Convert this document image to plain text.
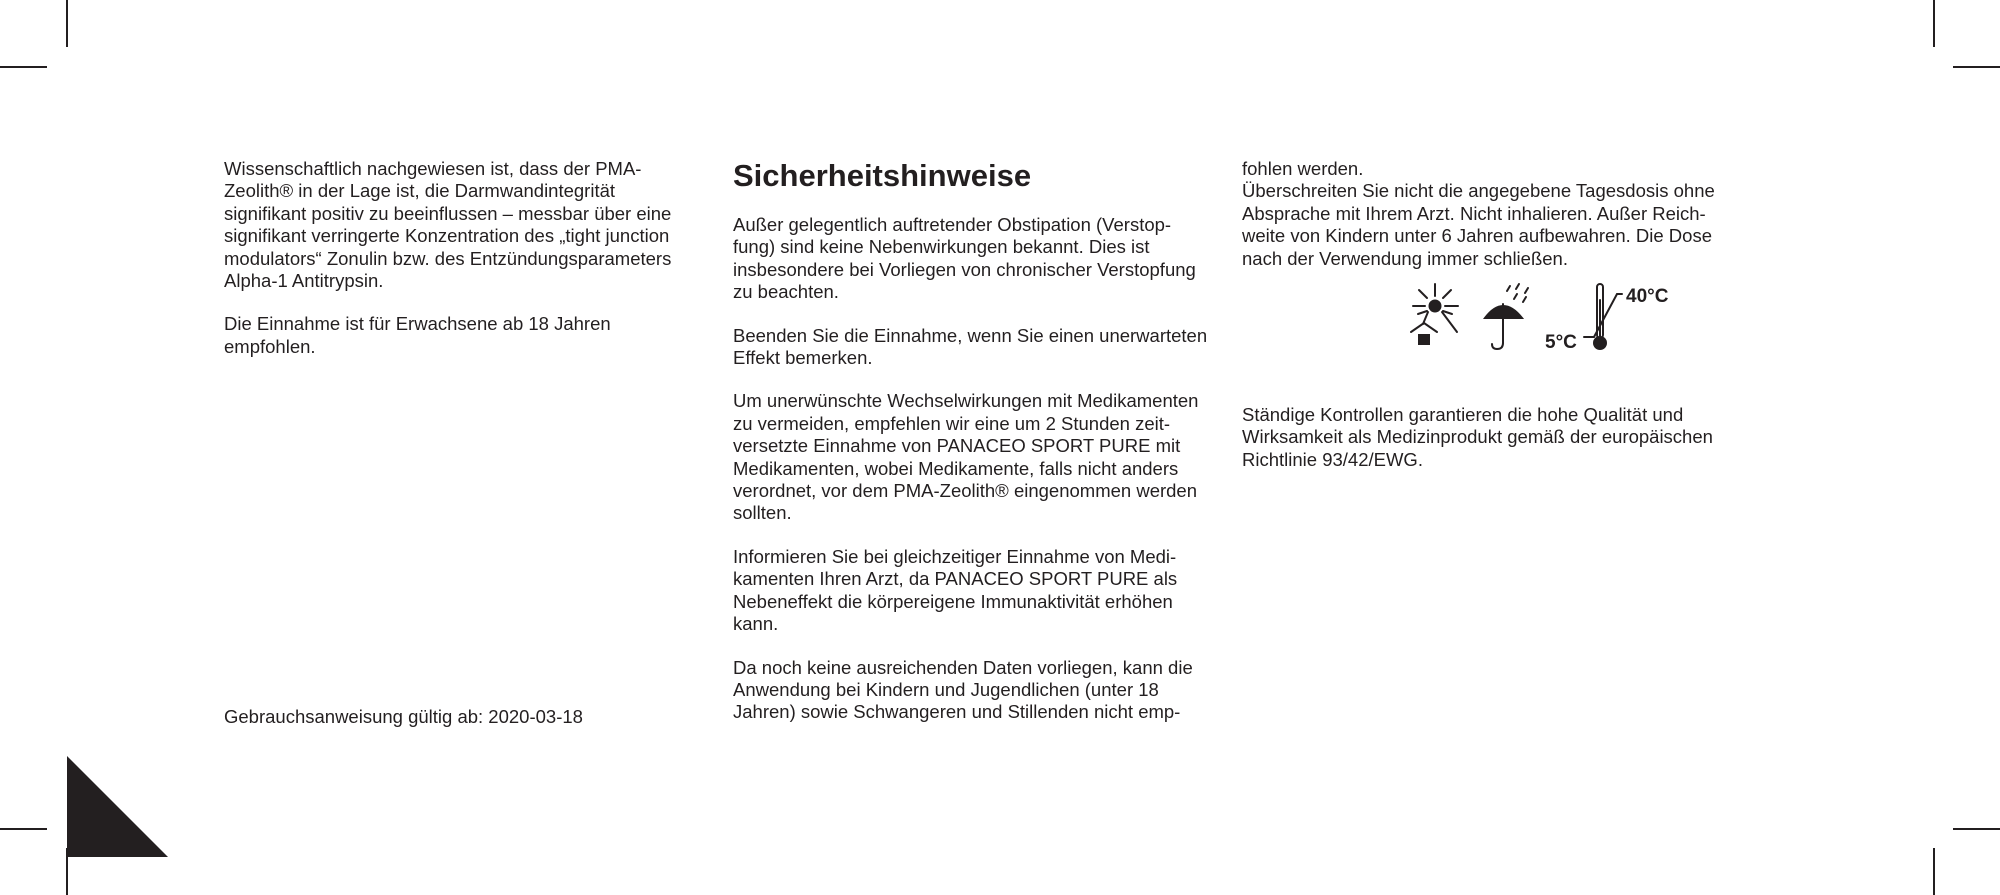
Wissenschaftlich nachgewiesen ist, dass der PMA-
Zeolith® in der Lage ist, die Darmwandintegrität
signifikant positiv zu beeinflussen – messbar über eine
signifikant verringerte Konzentration des „tight junction
modulators“ Zonulin bzw. des Entzündungsparameters
Alpha-1 Antitrypsin.

Die Einnahme ist für Erwachsene ab 18 Jahren
empfohlen.

Gebrauchsanweisung gültig ab: 2020-03-18
Sicherheitshinweise

Außer gelegentlich auftretender Obstipation (Verstop-
fung) sind keine Nebenwirkungen bekannt. Dies ist
insbesondere bei Vorliegen von chronischer Verstopfung
zu beachten.

Beenden Sie die Einnahme, wenn Sie einen unerwarteten
Effekt bemerken.

Um unerwünschte Wechselwirkungen mit Medikamenten
zu vermeiden, empfehlen wir eine um 2 Stunden zeit-
versetzte Einnahme von PANACEO SPORT PURE mit
Medikamenten, wobei Medikamente, falls nicht anders
verordnet, vor dem PMA-Zeolith® eingenommen werden
sollten.

Informieren Sie bei gleichzeitiger Einnahme von Medi-
kamenten Ihren Arzt, da PANACEO SPORT PURE als
Nebeneffekt die körpereigene Immunaktivität erhöhen
kann.

Da noch keine ausreichenden Daten vorliegen, kann die
Anwendung bei Kindern und Jugendlichen (unter 18
Jahren) sowie Schwangeren und Stillenden nicht emp-

fohlen werden.
Überschreiten Sie nicht die angegebene Tagesdosis ohne
Absprache mit Ihrem Arzt. Nicht inhalieren. Außer Reich-
weite von Kindern unter 6 Jahren aufbewahren. Die Dose
nach der Verwendung immer schließen.

Ständige Kontrollen garantieren die hohe Qualität und
Wirksamkeit als Medizinprodukt gemäß der europäischen
Richtlinie 93/42/EWG.

40°C
5°C
